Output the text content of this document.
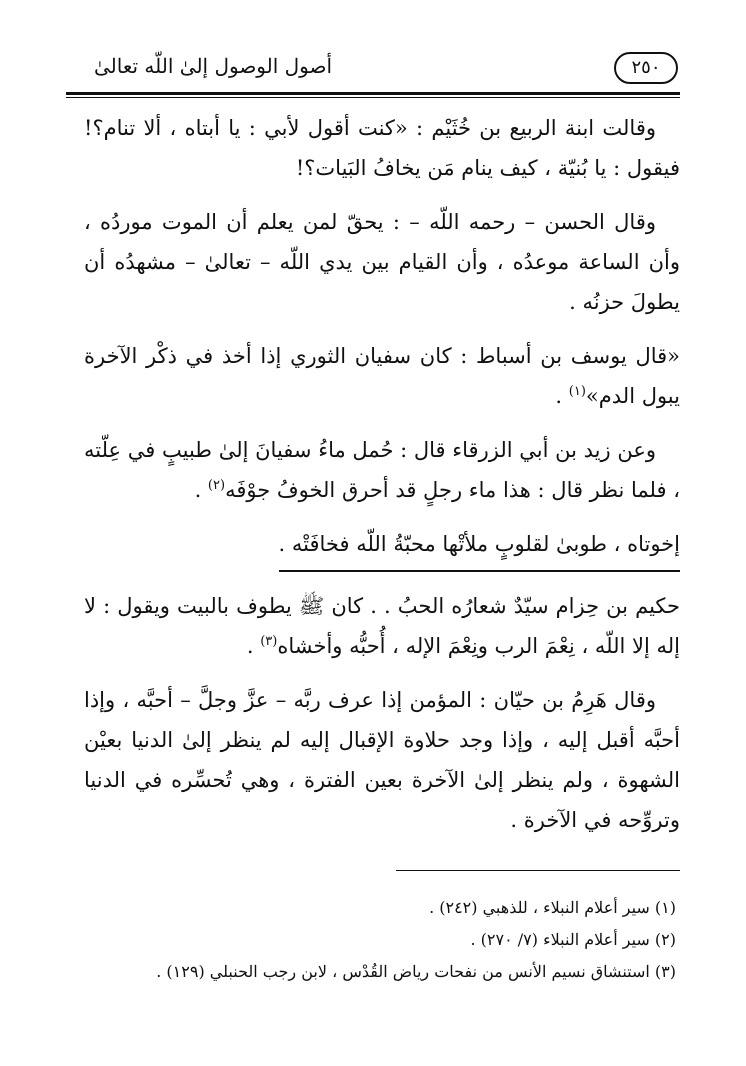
أصول الوصول إلىٰ اللّه تعالىٰ	٢٥٠

وقالت ابنة الربيع بن خُثَيْم : «كنت أقول لأبي : يا أبتاه ، ألا تنام؟! فيقول : يا بُنيّة ، كيف ينام مَن يخافُ البَيات؟!

وقال الحسن – رحمه اللّه – : يحقّ لمن يعلم أن الموت موردُه ، وأن الساعة موعدُه ، وأن القيام بين يدي اللّه – تعالىٰ – مشهدُه أن يطولَ حزنُه .

«قال يوسف بن أسباط : كان سفيان الثوري إذا أخذ في ذكْر الآخرة يبول الدم»$^{(١)}$ .

وعن زيد بن أبي الزرقاء قال : حُمل ماءُ سفيانَ إلىٰ طبيبٍ في عِلّته ، فلما نظر قال : هذا ماء رجلٍ قد أحرق الخوفُ جوْفَه$^{(٢)}$ .

إخوتاه ، طوبىٰ لقلوبٍ ملأتْها محبّةُ اللّه فخافَتْه .

حكيم بن حِزام سيّدٌ شعارُه الحبُ . . كان ﷺ يطوف بالبيت ويقول : لا إله إلا اللّه ، نِعْمَ الرب ونِعْمَ الإله ، أُحبُّه وأخشاه$^{(٣)}$ .

وقال هَرِمُ بن حيّان : المؤمن إذا عرف ربَّه – عزَّ وجلَّ – أحبَّه ، وإذا أحبَّه أقبل إليه ، وإذا وجد حلاوة الإقبال إليه لم ينظر إلىٰ الدنيا بعيْن الشهوة ، ولم ينظر إلىٰ الآخرة بعين الفترة ، وهي تُحسِّره في الدنيا وتروِّحه في الآخرة .

(١) سير أعلام النبلاء ، للذهبي (٢٤٢) .

(٢) سير أعلام النبلاء (٧/ ٢٧٠) .

(٣) استنشاق نسيم الأنس من نفحات رياض القُدْس ، لابن رجب الحنبلي (١٢٩) .
